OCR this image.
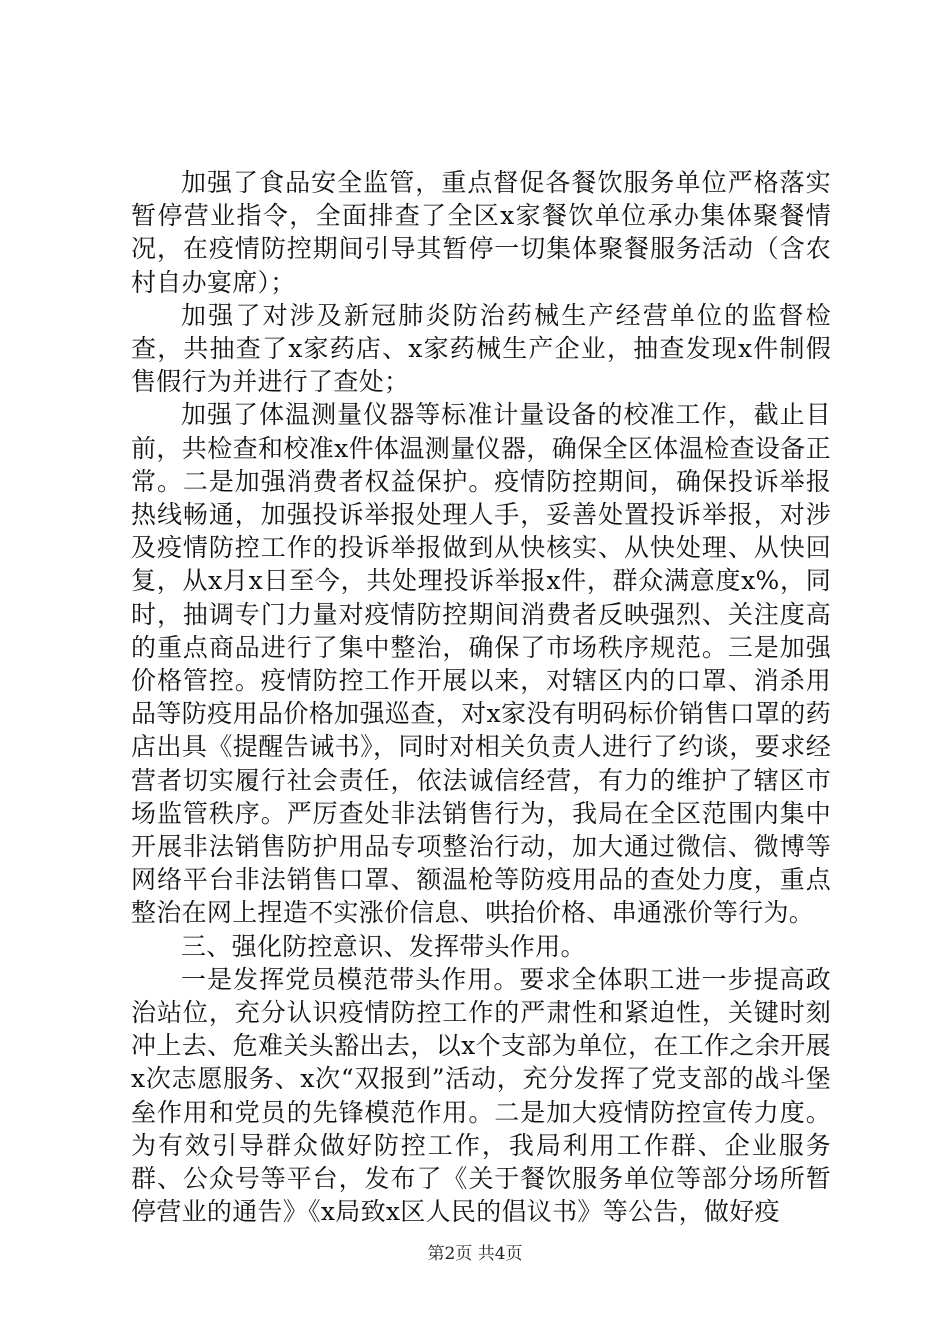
加强了食品安全监管，重点督促各餐饮服务单位严格落实暂停营业指令，全面排查了全区x家餐饮单位承办集体聚餐情况，在疫情防控期间引导其暂停一切集体聚餐服务活动（含农村自办宴席）；

加强了对涉及新冠肺炎防治药械生产经营单位的监督检查，共抽查了x家药店、x家药械生产企业，抽查发现x件制假售假行为并进行了查处；

加强了体温测量仪器等标准计量设备的校准工作，截止目前，共检查和校准x件体温测量仪器，确保全区体温检查设备正常。二是加强消费者权益保护。疫情防控期间，确保投诉举报热线畅通，加强投诉举报处理人手，妥善处置投诉举报，对涉及疫情防控工作的投诉举报做到从快核实、从快处理、从快回复，从x月x日至今，共处理投诉举报x件，群众满意度x%，同时，抽调专门力量对疫情防控期间消费者反映强烈、关注度高的重点商品进行了集中整治，确保了市场秩序规范。三是加强价格管控。疫情防控工作开展以来，对辖区内的口罩、消杀用品等防疫用品价格加强巡查，对x家没有明码标价销售口罩的药店出具《提醒告诫书》，同时对相关负责人进行了约谈，要求经营者切实履行社会责任，依法诚信经营，有力的维护了辖区市场监管秩序。严厉查处非法销售行为，我局在全区范围内集中开展非法销售防护用品专项整治行动，加大通过微信、微博等网络平台非法销售口罩、额温枪等防疫用品的查处力度，重点整治在网上捏造不实涨价信息、哄抬价格、串通涨价等行为。

三、强化防控意识、发挥带头作用。

一是发挥党员模范带头作用。要求全体职工进一步提高政治站位，充分认识疫情防控工作的严肃性和紧迫性，关键时刻冲上去、危难关头豁出去，以x个支部为单位，在工作之余开展x次志愿服务、x次“双报到”活动，充分发挥了党支部的战斗堡垒作用和党员的先锋模范作用。二是加大疫情防控宣传力度。为有效引导群众做好防控工作，我局利用工作群、企业服务群、公众号等平台，发布了《关于餐饮服务单位等部分场所暂停营业的通告》《x局致x区人民的倡议书》等公告，做好疫

第2页 共4页
